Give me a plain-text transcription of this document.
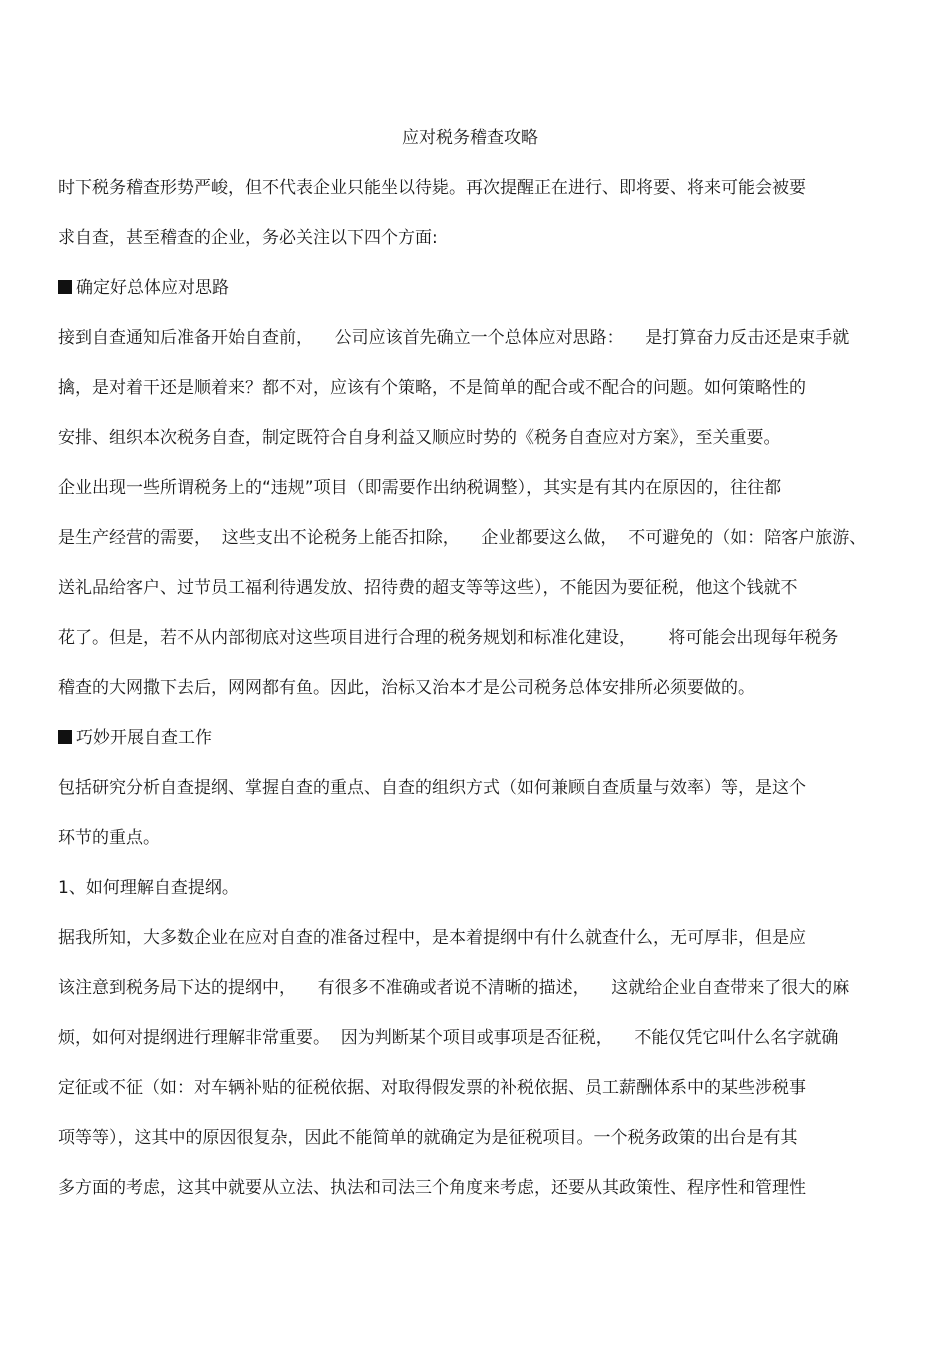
应对税务稽查攻略
时下税务稽查形势严峻，但不代表企业只能坐以待毙。再次提醒正在进行、即将要、将来可能会被要
求自查，甚至稽查的企业，务必关注以下四个方面:
确定好总体应对思路
接到自查通知后准备开始自查前，    公司应该首先确立一个总体应对思路：    是打算奋力反击还是束手就
擒，是对着干还是顺着来？都不对，应该有个策略，不是简单的配合或不配合的问题。如何策略性的
安排、组织本次税务自查，制定既符合自身利益又顺应时势的《税务自查应对方案》，至关重要。
企业出现一些所谓税务上的“违规”项目（即需要作出纳税调整），其实是有其内在原因的，往往都
是生产经营的需要，  这些支出不论税务上能否扣除，    企业都要这么做，  不可避免的（如：陪客户旅游、
送礼品给客户、过节员工福利待遇发放、招待费的超支等等这些），不能因为要征税，他这个钱就不
花了。但是，若不从内部彻底对这些项目进行合理的税务规划和标准化建设，      将可能会出现每年税务
稽查的大网撒下去后，网网都有鱼。因此，治标又治本才是公司税务总体安排所必须要做的。
巧妙开展自查工作
包括研究分析自查提纲、掌握自查的重点、自查的组织方式（如何兼顾自查质量与效率）等，是这个
环节的重点。
1、如何理解自查提纲。
据我所知，大多数企业在应对自查的准备过程中，是本着提纲中有什么就查什么，无可厚非，但是应
该注意到税务局下达的提纲中，    有很多不准确或者说不清晰的描述，    这就给企业自查带来了很大的麻
烦，如何对提纲进行理解非常重要。  因为判断某个项目或事项是否征税，    不能仅凭它叫什么名字就确
定征或不征（如：对车辆补贴的征税依据、对取得假发票的补税依据、员工薪酬体系中的某些涉税事
项等等），这其中的原因很复杂，因此不能简单的就确定为是征税项目。一个税务政策的出台是有其
多方面的考虑，这其中就要从立法、执法和司法三个角度来考虑，还要从其政策性、程序性和管理性
